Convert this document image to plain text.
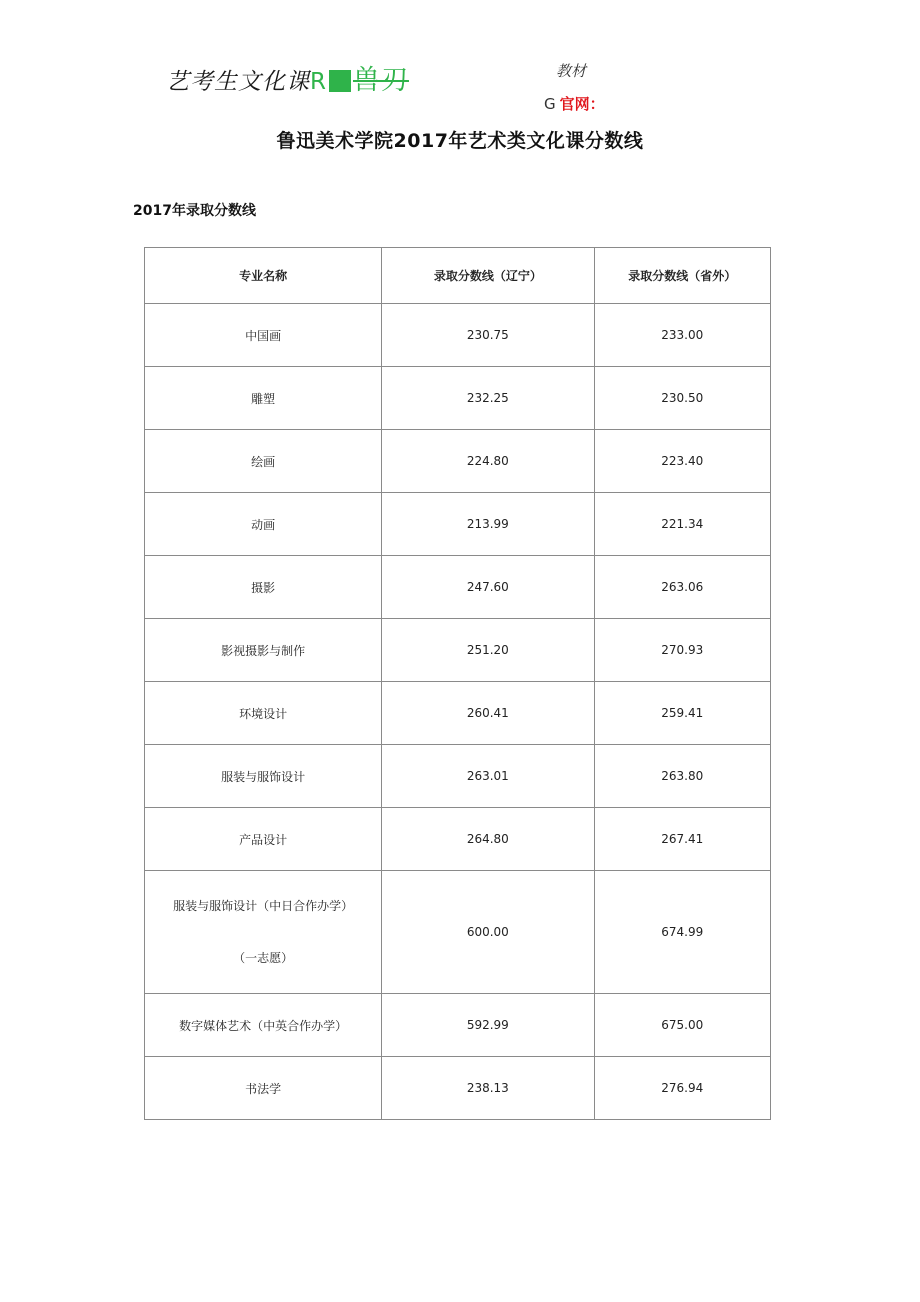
艺考生文化课R 兽刃	教材
G 官网：
鲁迅美术学院2017年艺术类文化课分数线
2017年录取分数线
专业名称	录取分数线（辽宁）	录取分数线（省外）
中国画	230.75	233.00
雕塑	232.25	230.50
绘画	224.80	223.40
动画	213.99	221.34
摄影	247.60	263.06
影视摄影与制作	251.20	270.93
环境设计	260.41	259.41
服装与服饰设计	263.01	263.80
产品设计	264.80	267.41

服装与服饰设计（中日合作办学）
（一志愿）	600.00	674.99
数字媒体艺术（中英合作办学）	592.99	675.00
书法学	238.13	276.94
